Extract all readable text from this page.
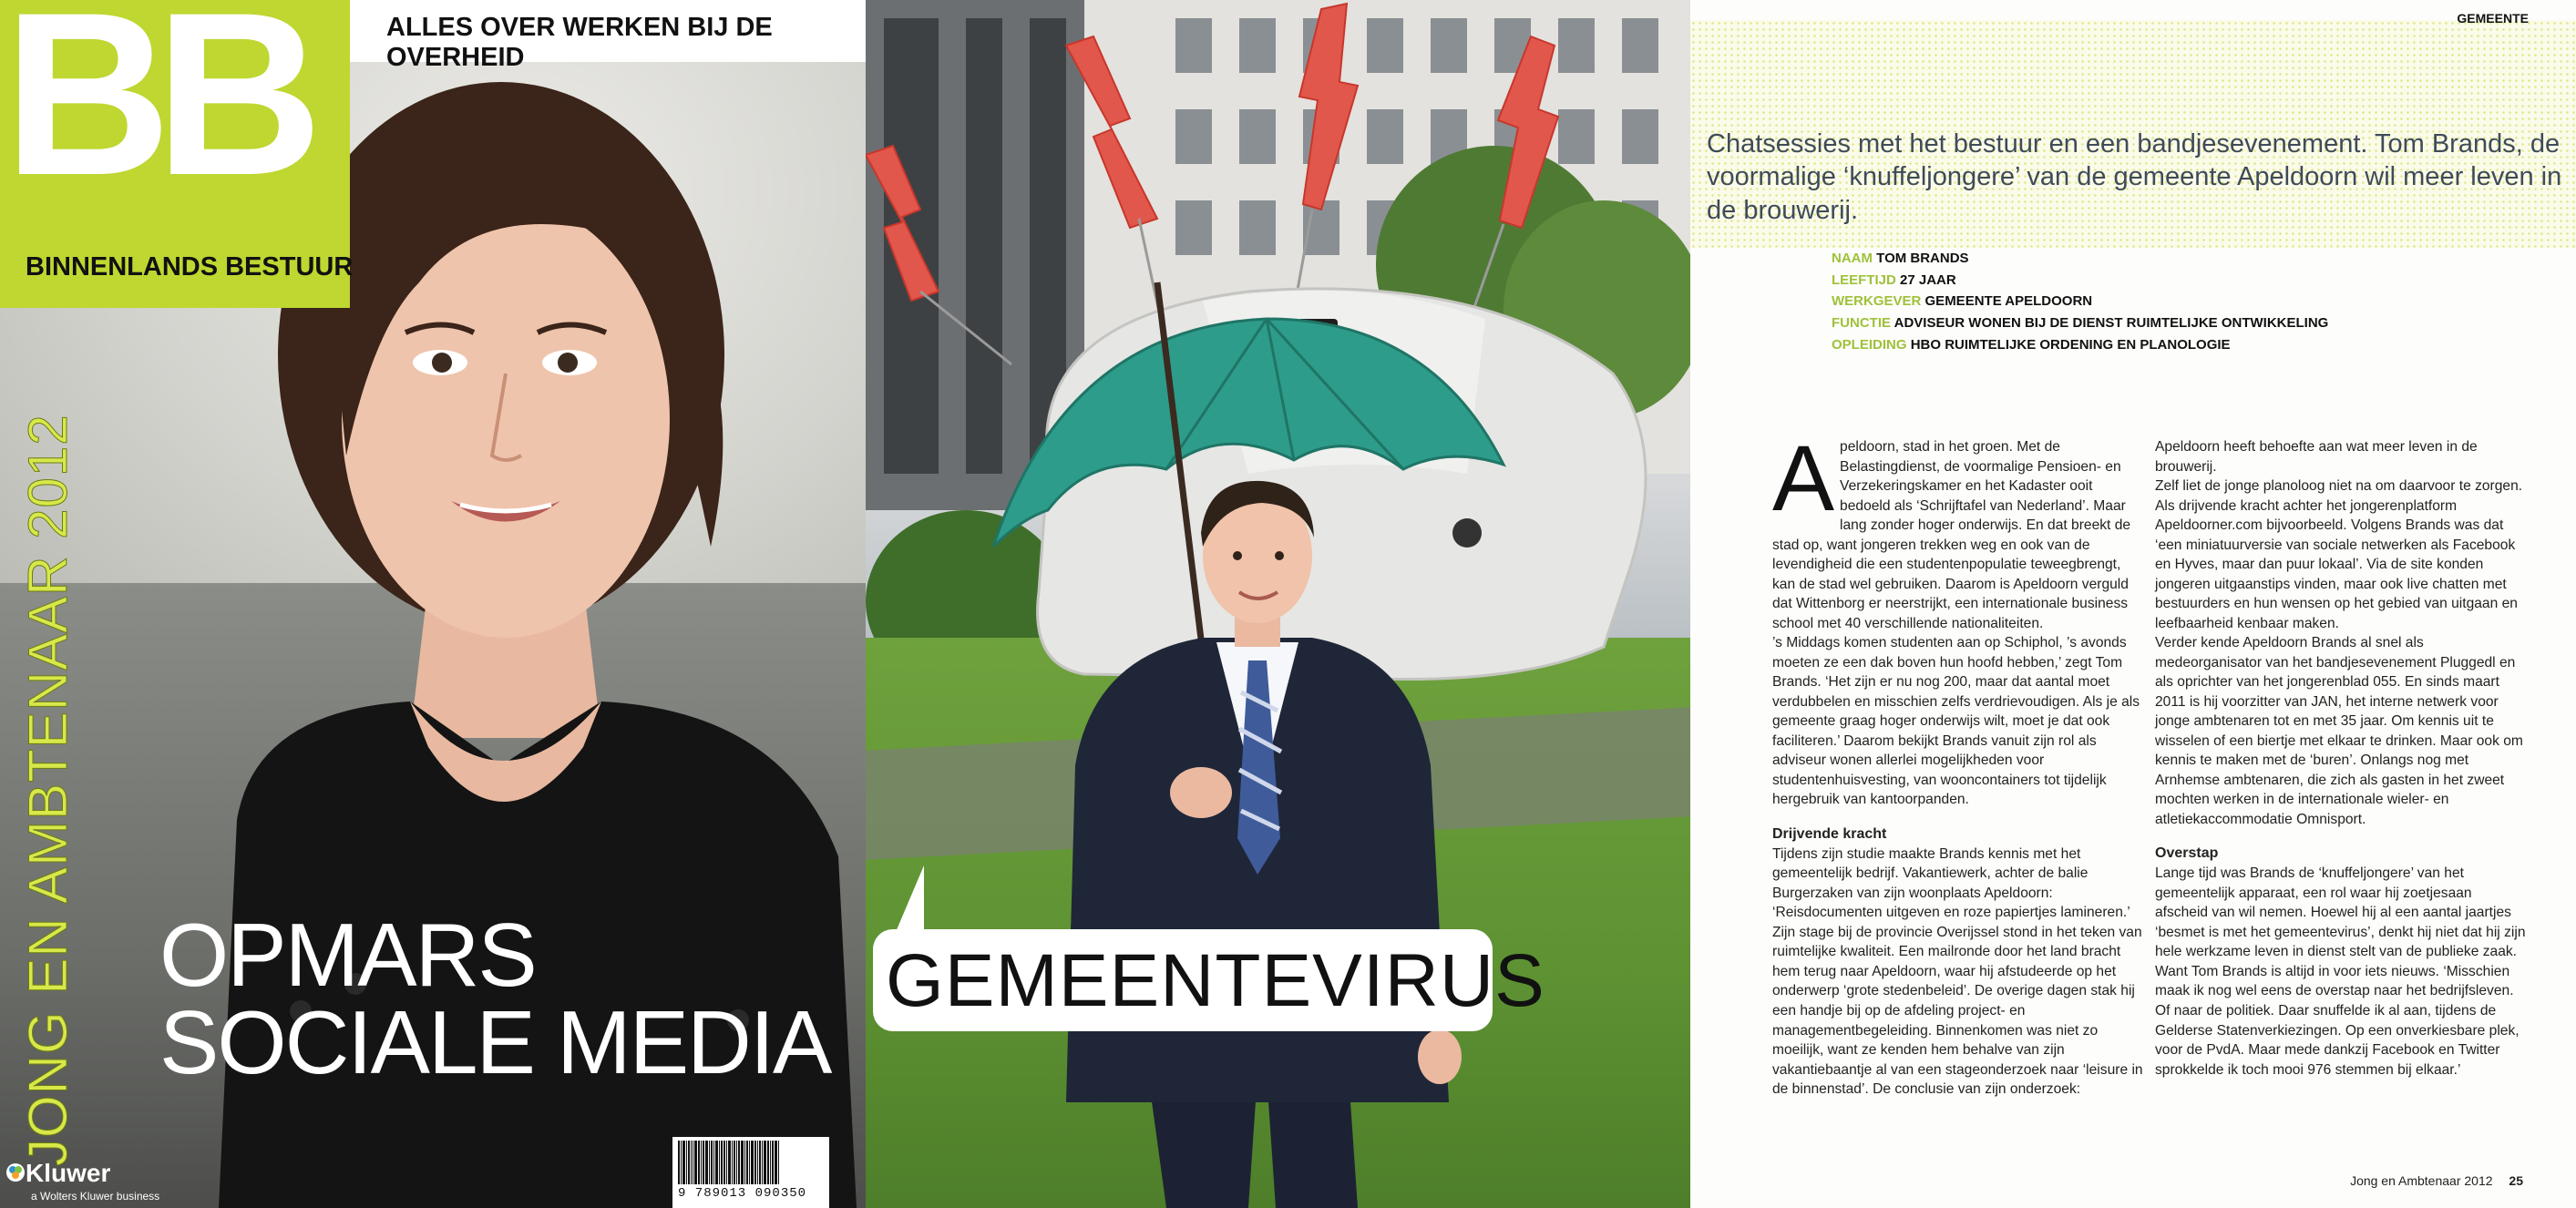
BB
BINNENLANDS BESTUUR
ALLES OVER WERKEN BIJ DE OVERHEID
JONG EN AMBTENAAR 2012 OPMARS
SOCIALE MEDIA
Kluwer
a Wolters Kluwer business	9 789013 090350
GEMEENTEVIRUS
GEMEENTE
Chatsessies met het bestuur en een bandjesevenement. Tom Brands, de voormalige ‘knuffeljongere’ van de gemeente Apeldoorn wil meer leven in de brouwerij.
NAAM TOM BRANDS
LEEFTIJD 27 JAAR
WERKGEVER GEMEENTE APELDOORN
FUNCTIE ADVISEUR WONEN BIJ DE DIENST RUIMTELIJKE ONTWIKKELING
OPLEIDING HBO RUIMTELIJKE ORDENING EN PLANOLOGIE
A peldoorn, stad in het groen. Met de Belastingdienst, de voormalige Pensioen- en Verzekeringskamer en het Kadaster ooit bedoeld als ‘Schrijftafel van Nederland’. Maar lang zonder hoger onderwijs. En dat breekt de stad op, want jongeren trekken weg en ook van de levendigheid die een studentenpopulatie teweegbrengt, kan de stad wel gebruiken. Daarom is Apeldoorn verguld dat Wittenborg er neerstrijkt, een internationale business school met 40 verschillende nationaliteiten.

’s Middags komen studenten aan op Schiphol, ’s avonds moeten ze een dak boven hun hoofd hebben,’ zegt Tom Brands. ‘Het zijn er nu nog 200, maar dat aantal moet verdubbelen en misschien zelfs verdrievoudigen. Als je als gemeente graag hoger onderwijs wilt, moet je dat ook faciliteren.’ Daarom bekijkt Brands vanuit zijn rol als adviseur wonen allerlei mogelijkheden voor studentenhuisvesting, van wooncontainers tot tijdelijk hergebruik van kantoorpanden.

Drijvende kracht

Tijdens zijn studie maakte Brands kennis met het gemeentelijk bedrijf. Vakantiewerk, achter de balie Burgerzaken van zijn woonplaats Apeldoorn: ‘Reisdocumenten uitgeven en roze papiertjes lamineren.’ Zijn stage bij de provincie Overijssel stond in het teken van ruimtelijke kwaliteit. Een mailronde door het land bracht hem terug naar Apeldoorn, waar hij afstudeerde op het onderwerp ‘grote stedenbeleid’. De overige dagen stak hij een handje bij op de afdeling project- en managementbegeleiding. Binnenkomen was niet zo moeilijk, want ze kenden hem behalve van zijn vakantiebaantje al van een stageonderzoek naar ‘leisure in de binnenstad’. De conclusie van zijn onderzoek:

Apeldoorn heeft behoefte aan wat meer leven in de brouwerij.

Zelf liet de jonge planoloog niet na om daarvoor te zorgen. Als drijvende kracht achter het jongerenplatform Apeldoorner.com bijvoorbeeld. Volgens Brands was dat ‘een miniatuurversie van sociale netwerken als Facebook en Hyves, maar dan puur lokaal’. Via de site konden jongeren uitgaanstips vinden, maar ook live chatten met bestuurders en hun wensen op het gebied van uitgaan en leefbaarheid kenbaar maken.

Verder kende Apeldoorn Brands al snel als medeorganisator van het bandjesevenement Pluggedl en als oprichter van het jongerenblad 055. En sinds maart 2011 is hij voorzitter van JAN, het interne netwerk voor jonge ambtenaren tot en met 35 jaar. Om kennis uit te wisselen of een biertje met elkaar te drinken. Maar ook om kennis te maken met de ‘buren’. Onlangs nog met Arnhemse ambtenaren, die zich als gasten in het zweet mochten werken in de internationale wieler- en atletiekaccommodatie Omnisport.

Overstap

Lange tijd was Brands de ‘knuffeljongere’ van het gemeentelijk apparaat, een rol waar hij zoetjesaan afscheid van wil nemen. Hoewel hij al een aantal jaartjes ‘besmet is met het gemeentevirus’, denkt hij niet dat hij zijn hele werkzame leven in dienst stelt van de publieke zaak. Want Tom Brands is altijd in voor iets nieuws. ‘Misschien maak ik nog wel eens de overstap naar het bedrijfsleven. Of naar de politiek. Daar snuffelde ik al aan, tijdens de Gelderse Statenverkiezingen. Op een onverkiesbare plek, voor de PvdA. Maar mede dankzij Facebook en Twitter sprokkelde ik toch mooi 976 stemmen bij elkaar.’

Jong en Ambtenaar 2012 25
